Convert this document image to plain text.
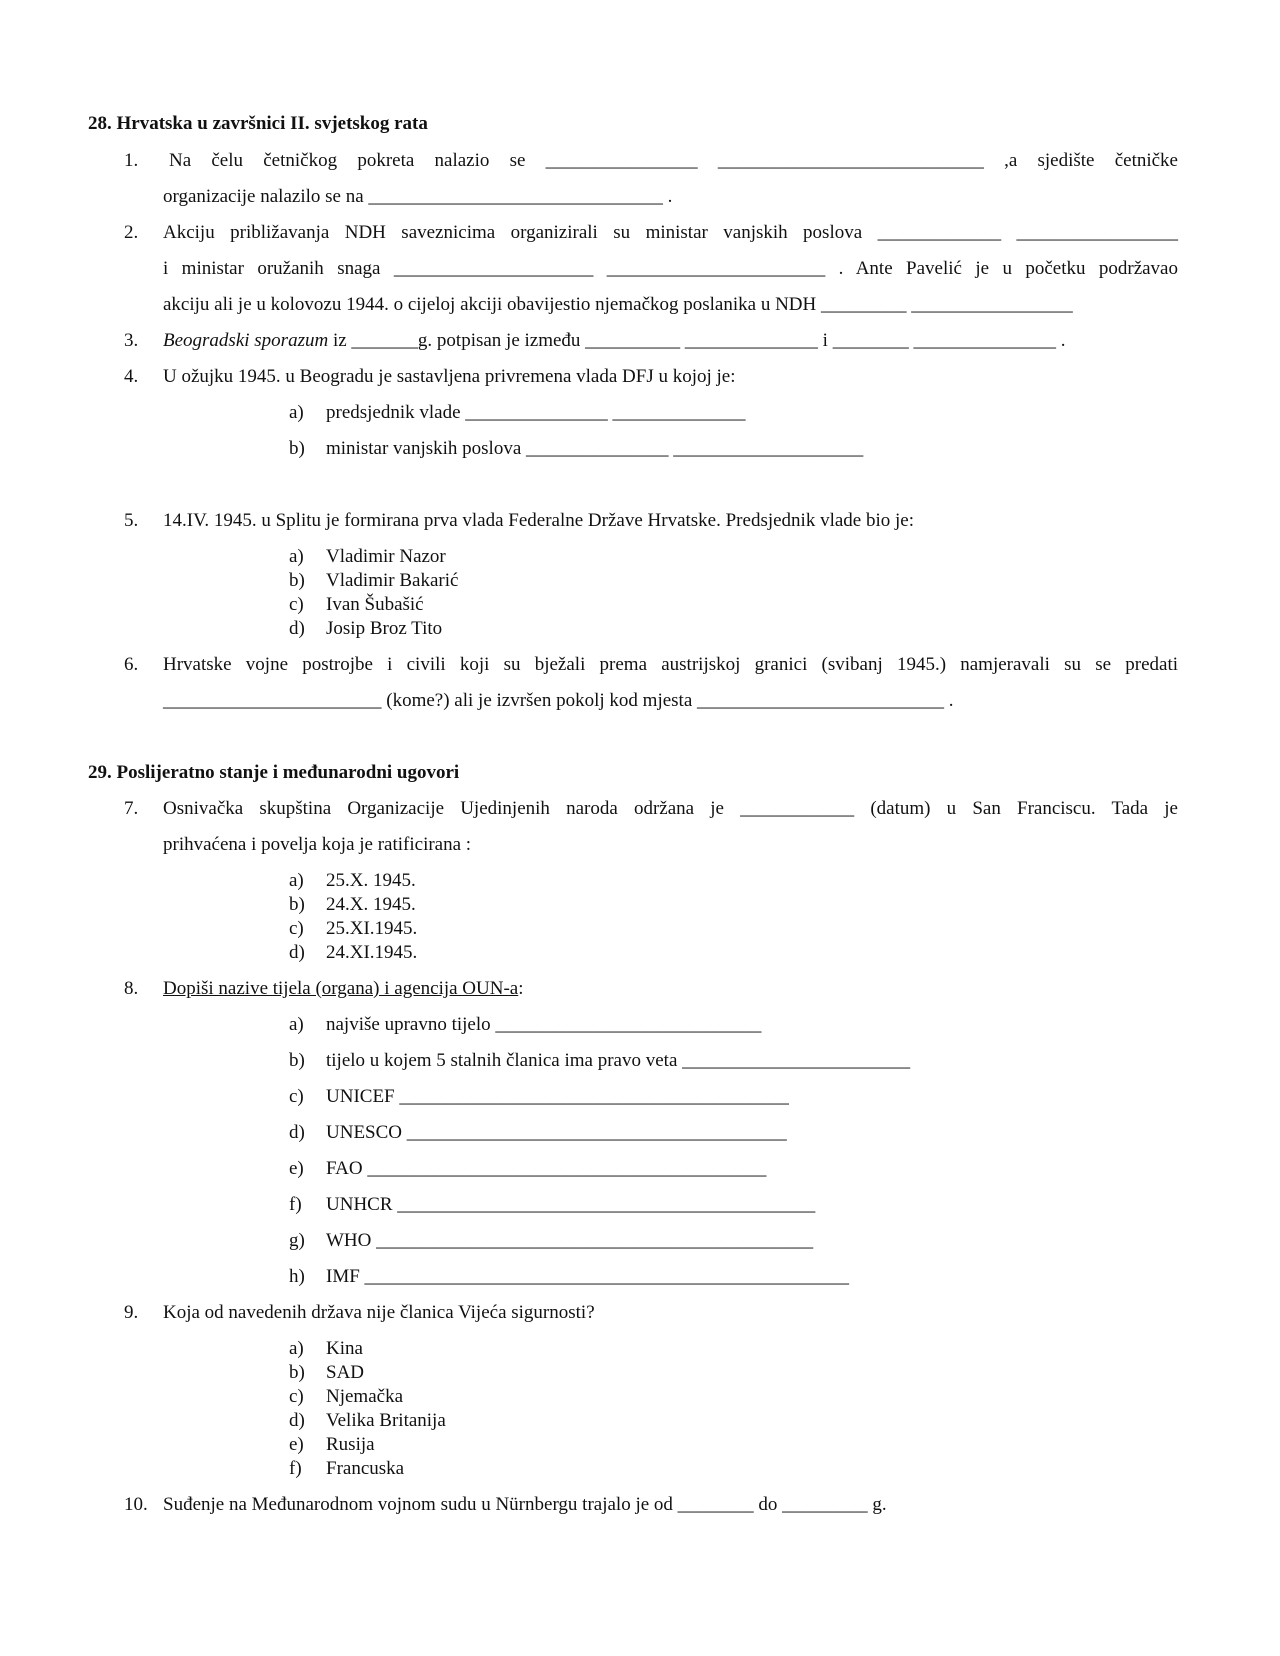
28. Hrvatska u završnici II. svjetskog rata
1. Na čelu četničkog pokreta nalazio se ________________ ____________________________ ,a sjedište četničke
organizacije nalazilo se na _______________________________ .
2. Akciju približavanja NDH saveznicima organizirali su ministar vanjskih poslova _____________ _________________
i ministar oružanih snaga _____________________ _______________________ . Ante Pavelić je u početku podržavao
akciju ali je u kolovozu 1944. o cijeloj akciji obavijestio njemačkog poslanika u NDH _________ _________________
3. Beogradski sporazum iz _______g. potpisan je između __________ ______________ i ________ _______________ .
4. U ožujku 1945. u Beogradu je sastavljena privremena vlada DFJ u kojoj je:
a) predsjednik vlade _______________ ______________
b) ministar vanjskih poslova _______________ ____________________
5. 14.IV. 1945. u Splitu je formirana prva vlada Federalne Države Hrvatske. Predsjednik vlade bio je:
a) Vladimir Nazor
b) Vladimir Bakarić
c) Ivan Šubašić
d) Josip Broz Tito
6. Hrvatske vojne postrojbe i civili koji su bježali prema austrijskoj granici (svibanj 1945.) namjeravali su se predati
_______________________ (kome?) ali je izvršen pokolj kod mjesta __________________________ .
29. Poslijeratno stanje i međunarodni ugovori
7. Osnivačka skupština Organizacije Ujedinjenih naroda održana je ____________ (datum) u San Franciscu. Tada je
prihvaćena i povelja koja je ratificirana :
a) 25.X. 1945.
b) 24.X. 1945.
c) 25.XI.1945.
d) 24.XI.1945.
8. Dopiši nazive tijela (organa) i agencija OUN-a:
a) najviše upravno tijelo ____________________________
b) tijelo u kojem 5 stalnih članica ima pravo veta ________________________
c) UNICEF _________________________________________
d) UNESCO ________________________________________
e) FAO __________________________________________
f) UNHCR ____________________________________________
g) WHO ______________________________________________
h) IMF ___________________________________________________
9. Koja od navedenih država nije članica Vijeća sigurnosti?
a) Kina
b) SAD
c) Njemačka
d) Velika Britanija
e) Rusija
f) Francuska
10. Suđenje na Međunarodnom vojnom sudu u Nürnbergu trajalo je od ________ do _________ g.
